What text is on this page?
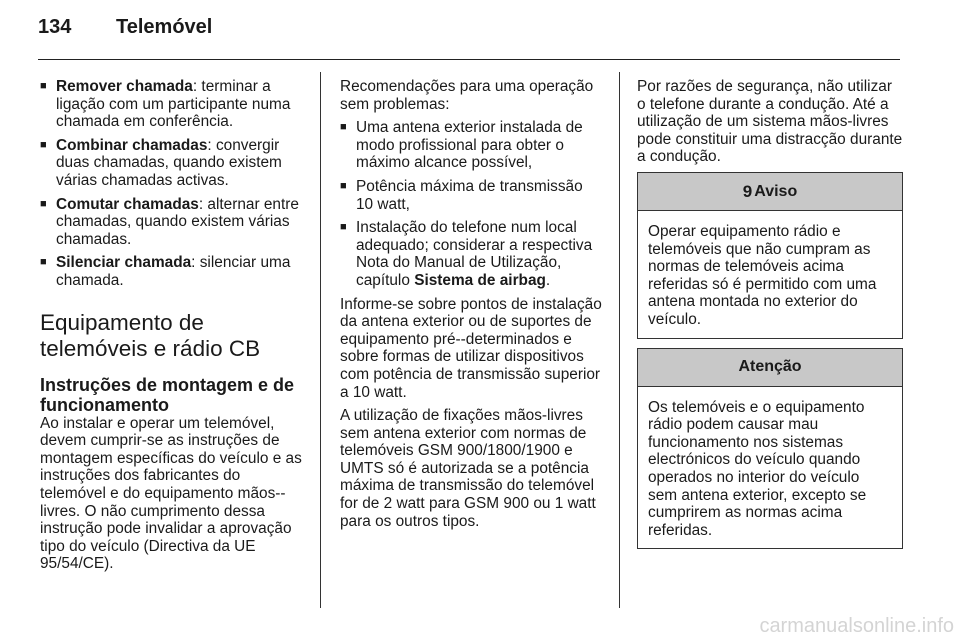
134	Telemóvel
■ Remover chamada: terminar a ligação com um participante numa chamada em conferência.
■ Combinar chamadas: convergir duas chamadas, quando existem várias chamadas activas.
■ Comutar chamadas: alternar entre chamadas, quando existem várias chamadas.
■ Silenciar chamada: silenciar uma chamada.
Equipamento de telemóveis e rádio CB
Instruções de montagem e de funcionamento

Ao instalar e operar um telemóvel, devem cumprir-se as instruções de montagem específicas do veículo e as instruções dos fabricantes do telemóvel e do equipamento mãos--livres. O não cumprimento dessa instrução pode invalidar a aprovação tipo do veículo (Directiva da UE 95/54/CE).

Recomendações para uma operação sem problemas:

■ Uma antena exterior instalada de modo profissional para obter o máximo alcance possível,
■ Potência máxima de transmissão 10 watt,
■ Instalação do telefone num local adequado; considerar a respectiva Nota do Manual de Utilização, capítulo Sistema de airbag.

Informe-se sobre pontos de instalação da antena exterior ou de suportes de equipamento pré--determinados e sobre formas de utilizar dispositivos com potência de transmissão superior a 10 watt.

A utilização de fixações mãos-livres sem antena exterior com normas de telemóveis GSM 900/1800/1900 e UMTS só é autorizada se a potência máxima de transmissão do telemóvel for de 2 watt para GSM 900 ou 1 watt para os outros tipos.

Por razões de segurança, não utilizar o telefone durante a condução. Até a utilização de um sistema mãos-livres pode constituir uma distracção durante a condução.

9 Aviso
Operar equipamento rádio e telemóveis que não cumpram as normas de telemóveis acima referidas só é permitido com uma antena montada no exterior do veículo.
Atenção
Os telemóveis e o equipamento rádio podem causar mau funcionamento nos sistemas electrónicos do veículo quando operados no interior do veículo sem antena exterior, excepto se cumprirem as normas acima referidas.
carmanualsonline.info
